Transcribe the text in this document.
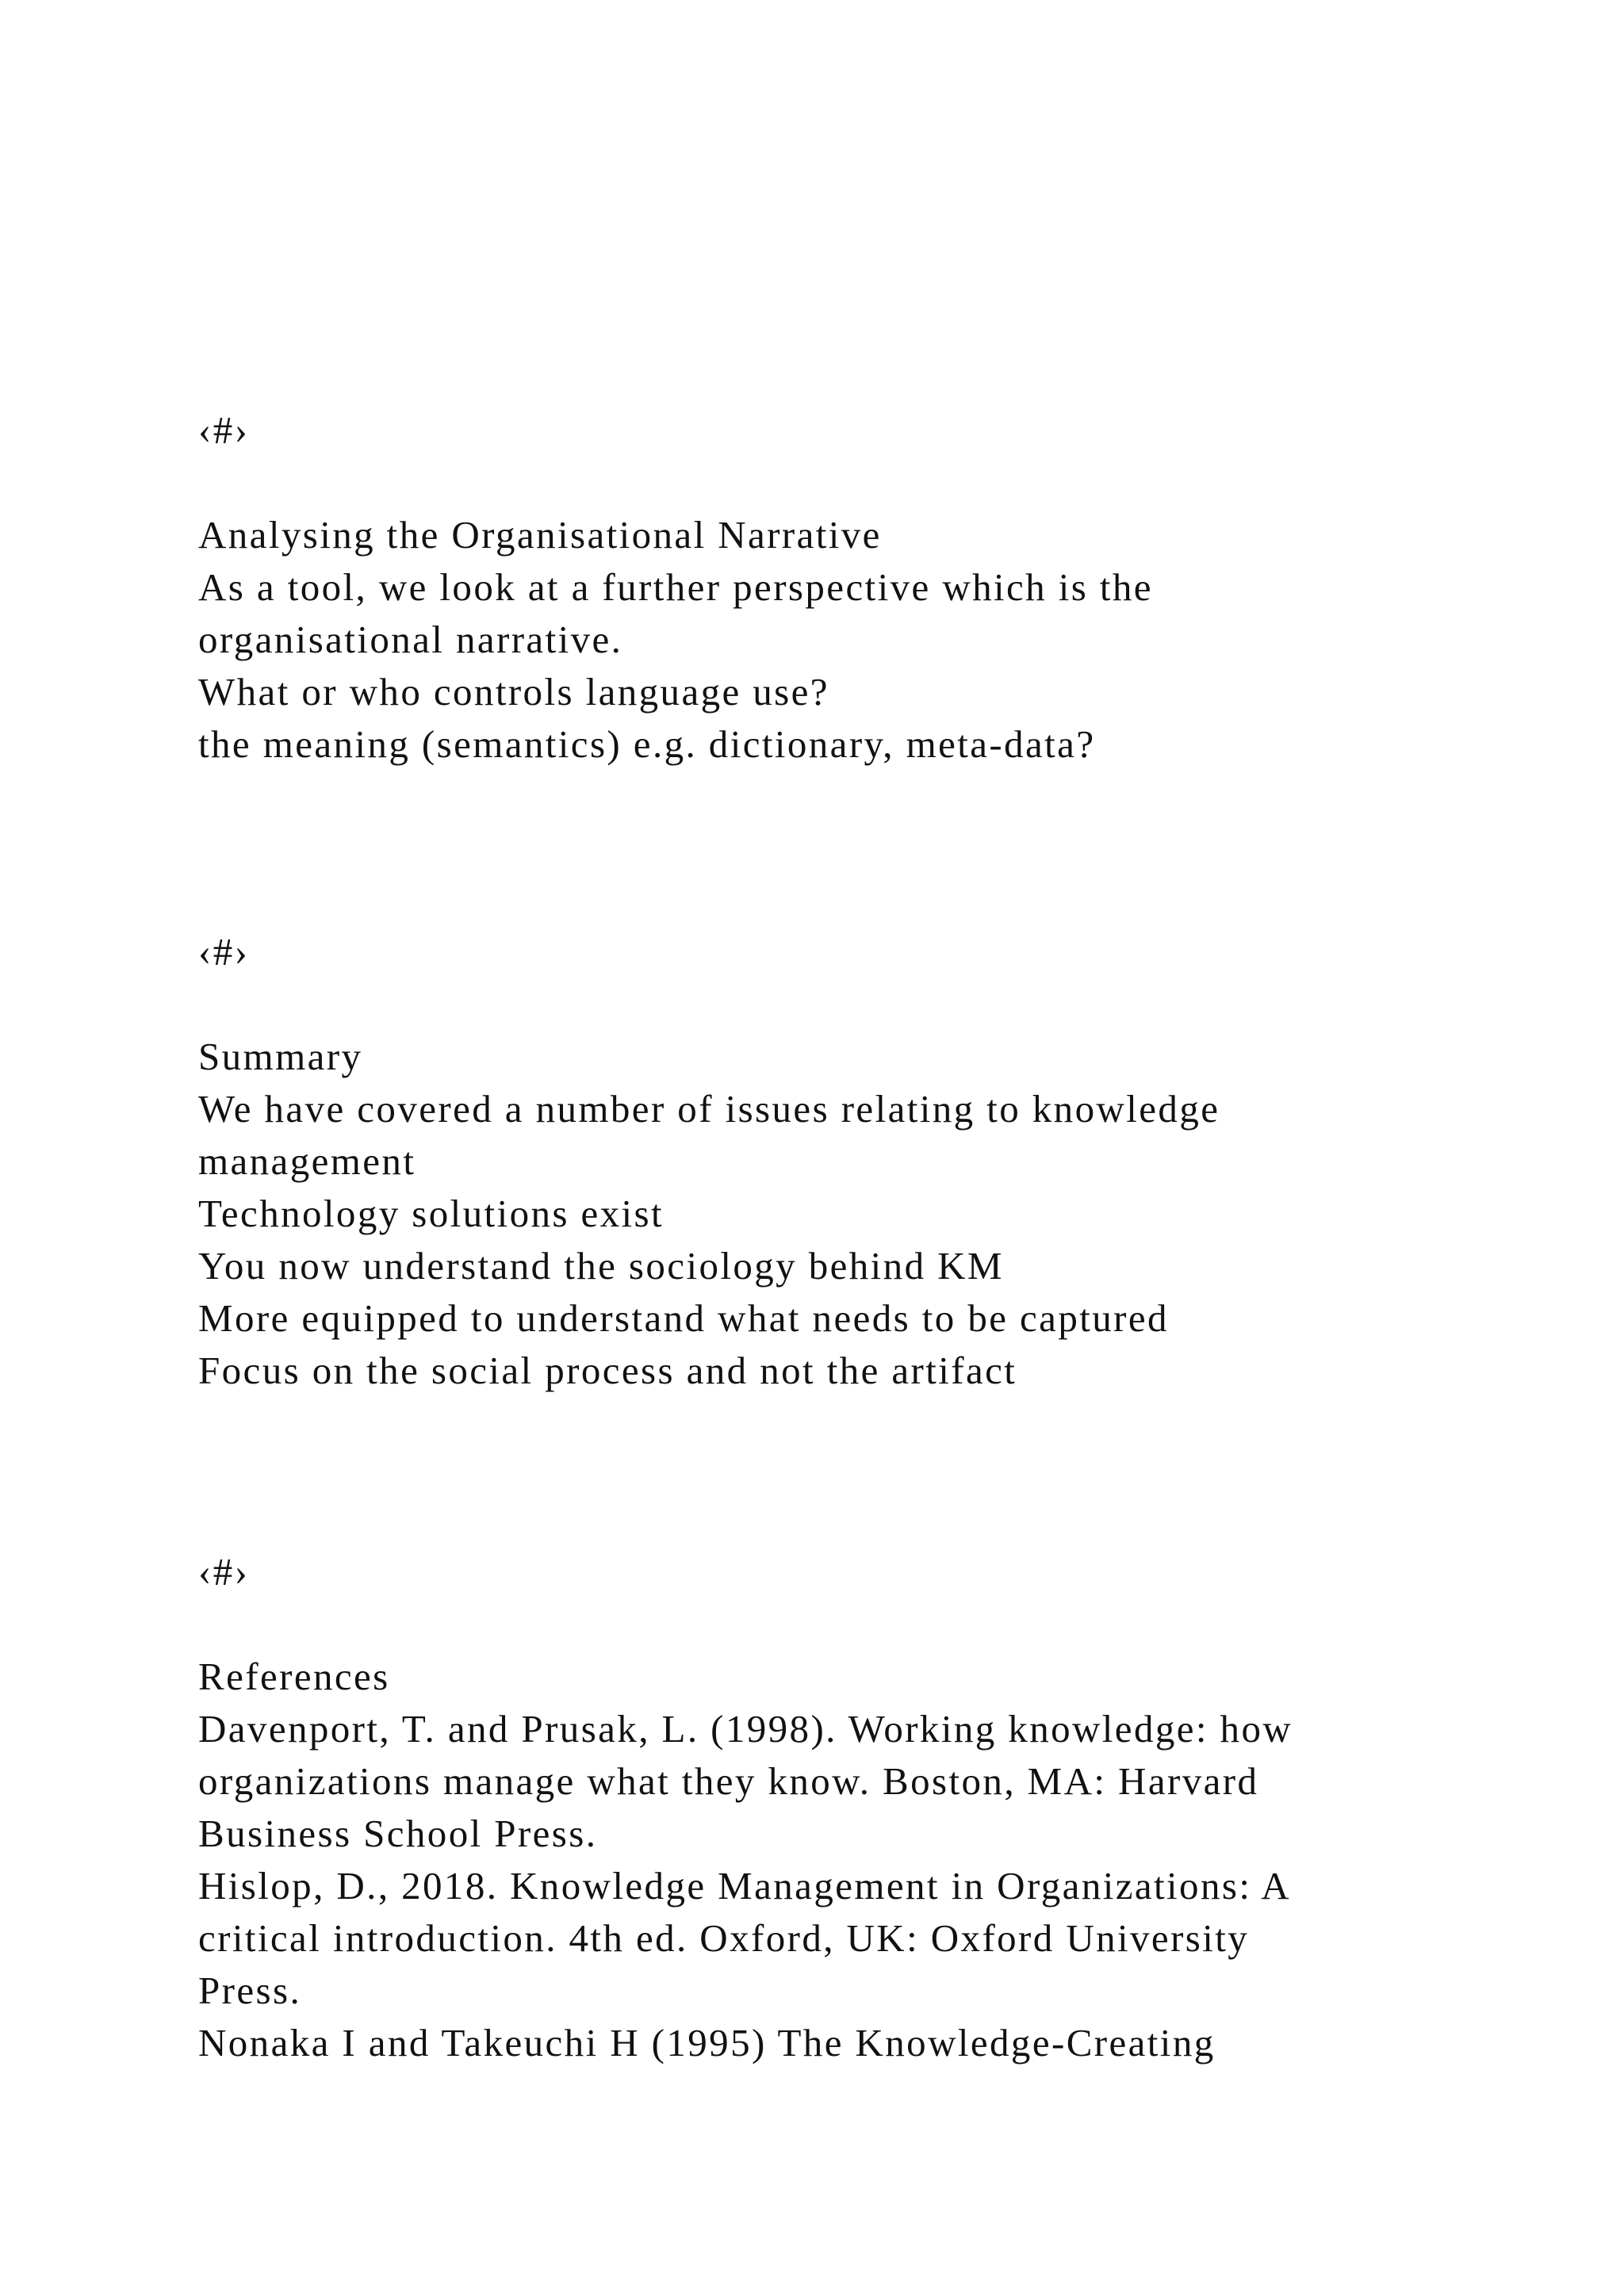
‹#›

Analysing the Organisational Narrative

As a tool, we look at a further perspective which is the

organisational narrative.

What or who controls language use?

the meaning (semantics) e.g. dictionary, meta-data?

‹#›

Summary

We have covered a number of issues relating to knowledge

management

Technology solutions exist

You now understand the sociology behind KM

More equipped to understand what needs to be captured

Focus on the social process and not the artifact

‹#›

References

Davenport, T. and Prusak, L. (1998). Working knowledge: how

organizations manage what they know. Boston, MA: Harvard

Business School Press.

Hislop, D., 2018. Knowledge Management in Organizations: A

critical introduction. 4th ed. Oxford, UK: Oxford University

Press.

Nonaka I and Takeuchi H (1995) The Knowledge-Creating
